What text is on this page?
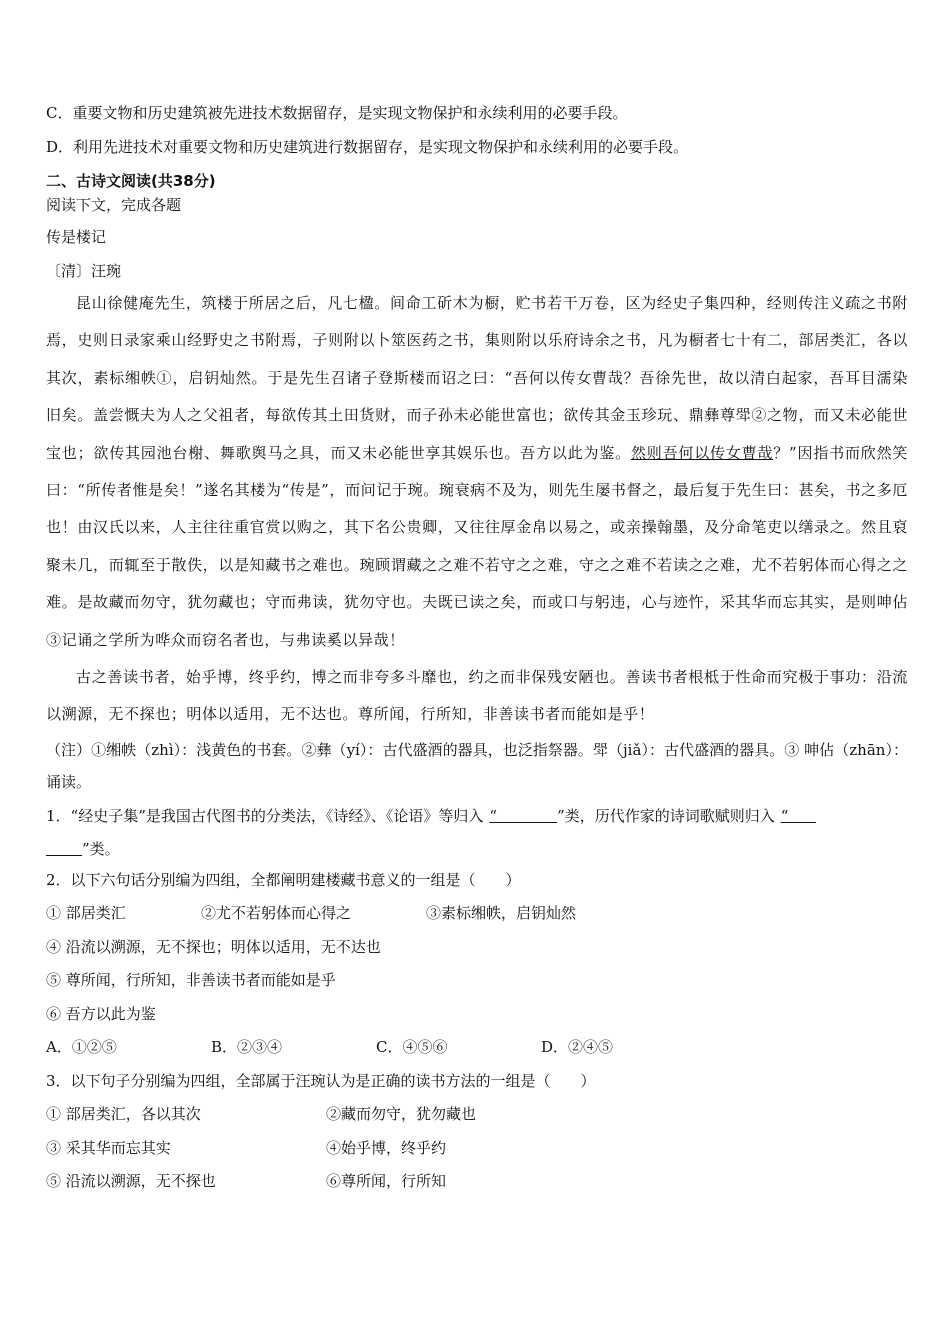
C．重要文物和历史建筑被先进技术数据留存，是实现文物保护和永续利用的必要手段。
D．利用先进技术对重要文物和历史建筑进行数据留存，是实现文物保护和永续利用的必要手段。
二、古诗文阅读(共38分)
阅读下文，完成各题
传是楼记
〔清〕汪琬
昆山徐健庵先生，筑楼于所居之后，凡七楹。间命工斫木为橱，贮书若干万卷，区为经史子集四种，经则传注义疏之书附焉，史则日录家乘山经野史之书附焉，子则附以卜筮医药之书，集则附以乐府诗余之书，凡为橱者七十有二，部居类汇，各以其次，素标缃帙①，启钥灿然。于是先生召诸子登斯楼而诏之曰：“吾何以传女曹哉？吾徐先世，故以清白起家，吾耳目濡染旧矣。盖尝慨夫为人之父祖者，每欲传其土田货财，而子孙未必能世富也；欲传其金玉珍玩、鼎彝尊斝②之物，而又未必能世宝也；欲传其园池台榭、舞歌舆马之具，而又未必能世享其娱乐也。吾方以此为鉴。然则吾何以传女曹哉？”因指书而欣然笑曰：“所传者惟是矣！”遂名其楼为“传是”，而问记于琬。琬衰病不及为，则先生屡书督之，最后复于先生曰：甚矣，书之多厄也！由汉氏以来，人主往往重官赏以购之，其下名公贵卿，又往往厚金帛以易之，或亲操翰墨，及分命笔吏以缮录之。然且裒聚未几，而辄至于散佚，以是知藏书之难也。琬顾谓藏之之难不若守之之难，守之之难不若读之之难，尤不若躬体而心得之之难。是故藏而勿守，犹勿藏也；守而弗读，犹勿守也。夫既已读之矣，而或口与躬违，心与迹忤，采其华而忘其实，是则呻佔③记诵之学所为哗众而窃名者也，与弗读奚以异哉！
古之善读书者，始乎博，终乎约，博之而非夸多斗靡也，约之而非保残安陋也。善读书者根柢于性命而究极于事功：沿流以溯源，无不探也；明体以适用，无不达也。尊所闻，行所知，非善读书者而能如是乎！
（注）①缃帙（zhì）：浅黄色的书套。②彝（yí）：古代盛酒的器具，也泛指祭器。斝（jiǎ）：古代盛酒的器具。③ 呻佔（zhān）：诵读。
1．“经史子集”是我国古代图书的分类法，《诗经》、《论语》等归入 “	”类，历代作家的诗词歌赋则归入 “
”类。
2．以下六句话分别编为四组，全都阐明建楼藏书意义的一组是（　　）
① 部居类汇	②尤不若躬体而心得之	③素标缃帙，启钥灿然
④ 沿流以溯源，无不探也；明体以适用，无不达也
⑤ 尊所闻，行所知，非善读书者而能如是乎
⑥ 吾方以此为鉴
A．①②⑤	B．②③④	C．④⑤⑥	D．②④⑤
3．以下句子分别编为四组，全部属于汪琬认为是正确的读书方法的一组是（　　）
① 部居类汇，各以其次	②藏而勿守，犹勿藏也
③ 采其华而忘其实	④始乎博，终乎约
⑤ 沿流以溯源，无不探也	⑥尊所闻，行所知
